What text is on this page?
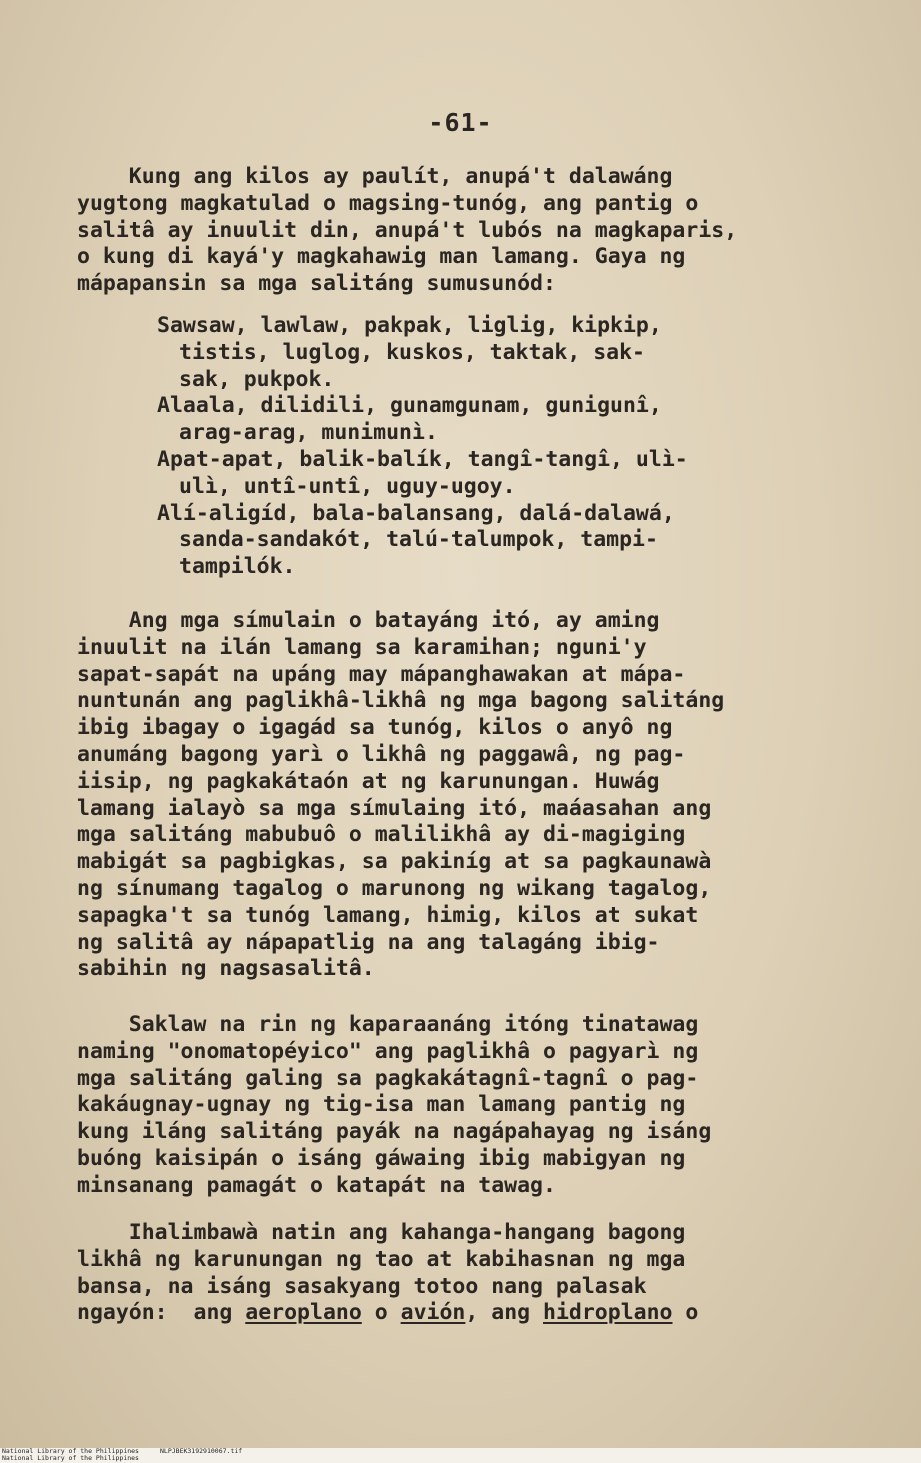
-61-
Kung ang kilos ay paulít, anupá't dalawáng
yugtong magkatulad o magsing-tunóg, ang pantig o
salitâ ay inuulit din, anupá't lubós na magkaparis,
o kung di kayá'y magkahawig man lamang. Gaya ng
mápapansin sa mga salitáng sumusunód:
Sawsaw, lawlaw, pakpak, liglig, kipkip,
tistis, luglog, kuskos, taktak, sak-
sak, pukpok.
Alaala, dilidili, gunamgunam, gunigunî,
arag-arag, munimunì.
Apat-apat, balik-balík, tangî-tangî, ulì-
ulì, untî-untî, uguy-ugoy.
Alí-aligíd, bala-balansang, dalá-dalawá,
sanda-sandakót, talú-talumpok, tampi-
tampilók.
Ang mga símulain o batayáng itó, ay aming
inuulit na ilán lamang sa karamihan; nguni'y
sapat-sapát na upáng may mápanghawakan at mápa-
nuntunán ang paglikhâ-likhâ ng mga bagong salitáng
ibig ibagay o igagád sa tunóg, kilos o anyô ng
anumáng bagong yarì o likhâ ng paggawâ, ng pag-
iisip, ng pagkakátaón at ng karunungan. Huwág
lamang ialayò sa mga símulaing itó, maáasahan ang
mga salitáng mabubuô o malilikhâ ay di-magiging
mabigát sa pagbigkas, sa pakiníg at sa pagkaunawà
ng sínumang tagalog o marunong ng wikang tagalog,
sapagka't sa tunóg lamang, himig, kilos at sukat
ng salitâ ay nápapatlig na ang talagáng ibig-
sabihin ng nagsasalitâ.
Saklaw na rin ng kaparaanáng itóng tinatawag
naming "onomatopéyico" ang paglikhâ o pagyarì ng
mga salitáng galing sa pagkakátagnî-tagnî o pag-
kakáugnay-ugnay ng tig-isa man lamang pantig ng
kung iláng salitáng payák na nagápahayag ng isáng
buóng kaisipán o isáng gáwaing ibig mabigyan ng
minsanang pamagát o katapát na tawag.
Ihalimbawà natin ang kahanga-hangang bagong
likhâ ng karunungan ng tao at kabihasnan ng mga
bansa, na isáng sasakyang totoo nang palasak
ngayón:  ang aeroplano o avión, ang hidroplano o
National Library of the Philippines	NLPJBEK3192910067.tif
National Library of the Philippines
